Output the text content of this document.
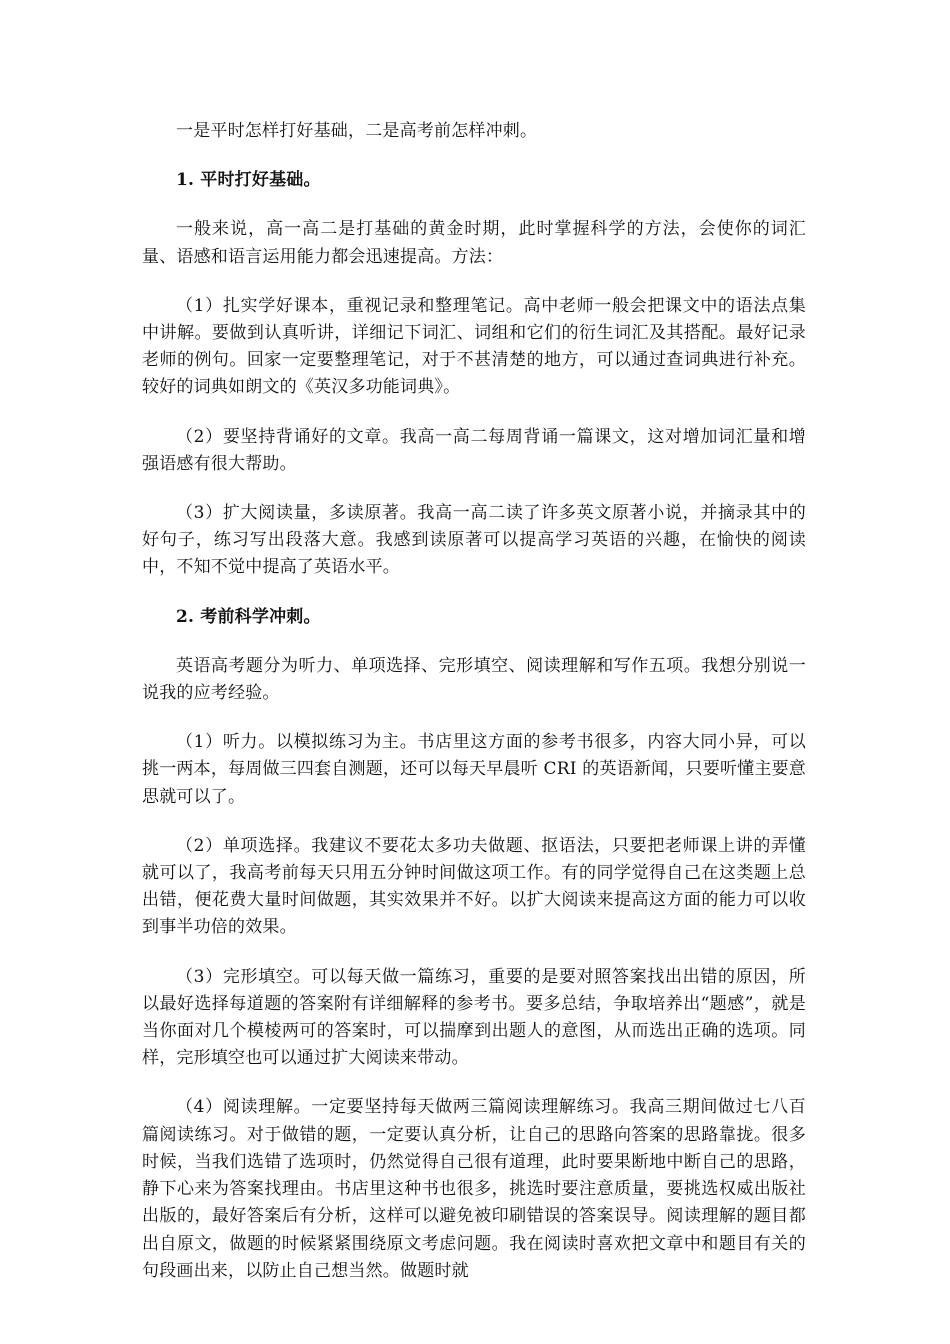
一是平时怎样打好基础，二是高考前怎样冲刺。

1. 平时打好基础。

一般来说，高一高二是打基础的黄金时期，此时掌握科学的方法，会使你的词汇量、语感和语言运用能力都会迅速提高。方法：

（1）扎实学好课本，重视记录和整理笔记。高中老师一般会把课文中的语法点集中讲解。要做到认真听讲，详细记下词汇、词组和它们的衍生词汇及其搭配。最好记录老师的例句。回家一定要整理笔记，对于不甚清楚的地方，可以通过查词典进行补充。较好的词典如朗文的《英汉多功能词典》。

（2）要坚持背诵好的文章。我高一高二每周背诵一篇课文，这对增加词汇量和增强语感有很大帮助。

（3）扩大阅读量，多读原著。我高一高二读了许多英文原著小说，并摘录其中的好句子，练习写出段落大意。我感到读原著可以提高学习英语的兴趣，在愉快的阅读中，不知不觉中提高了英语水平。

2. 考前科学冲刺。

英语高考题分为听力、单项选择、完形填空、阅读理解和写作五项。我想分别说一说我的应考经验。

（1）听力。以模拟练习为主。书店里这方面的参考书很多，内容大同小异，可以挑一两本，每周做三四套自测题，还可以每天早晨听 CRI 的英语新闻，只要听懂主要意思就可以了。

（2）单项选择。我建议不要花太多功夫做题、抠语法，只要把老师课上讲的弄懂就可以了，我高考前每天只用五分钟时间做这项工作。有的同学觉得自己在这类题上总出错，便花费大量时间做题，其实效果并不好。以扩大阅读来提高这方面的能力可以收到事半功倍的效果。

（3）完形填空。可以每天做一篇练习，重要的是要对照答案找出出错的原因，所以最好选择每道题的答案附有详细解释的参考书。要多总结，争取培养出“题感”，就是当你面对几个模棱两可的答案时，可以揣摩到出题人的意图，从而选出正确的选项。同样，完形填空也可以通过扩大阅读来带动。

（4）阅读理解。一定要坚持每天做两三篇阅读理解练习。我高三期间做过七八百篇阅读练习。对于做错的题，一定要认真分析，让自己的思路向答案的思路靠拢。很多时候，当我们选错了选项时，仍然觉得自己很有道理，此时要果断地中断自己的思路，静下心来为答案找理由。书店里这种书也很多，挑选时要注意质量，要挑选权威出版社出版的，最好答案后有分析，这样可以避免被印刷错误的答案误导。阅读理解的题目都出自原文，做题的时候紧紧围绕原文考虑问题。我在阅读时喜欢把文章中和题目有关的句段画出来，以防止自己想当然。做题时就
